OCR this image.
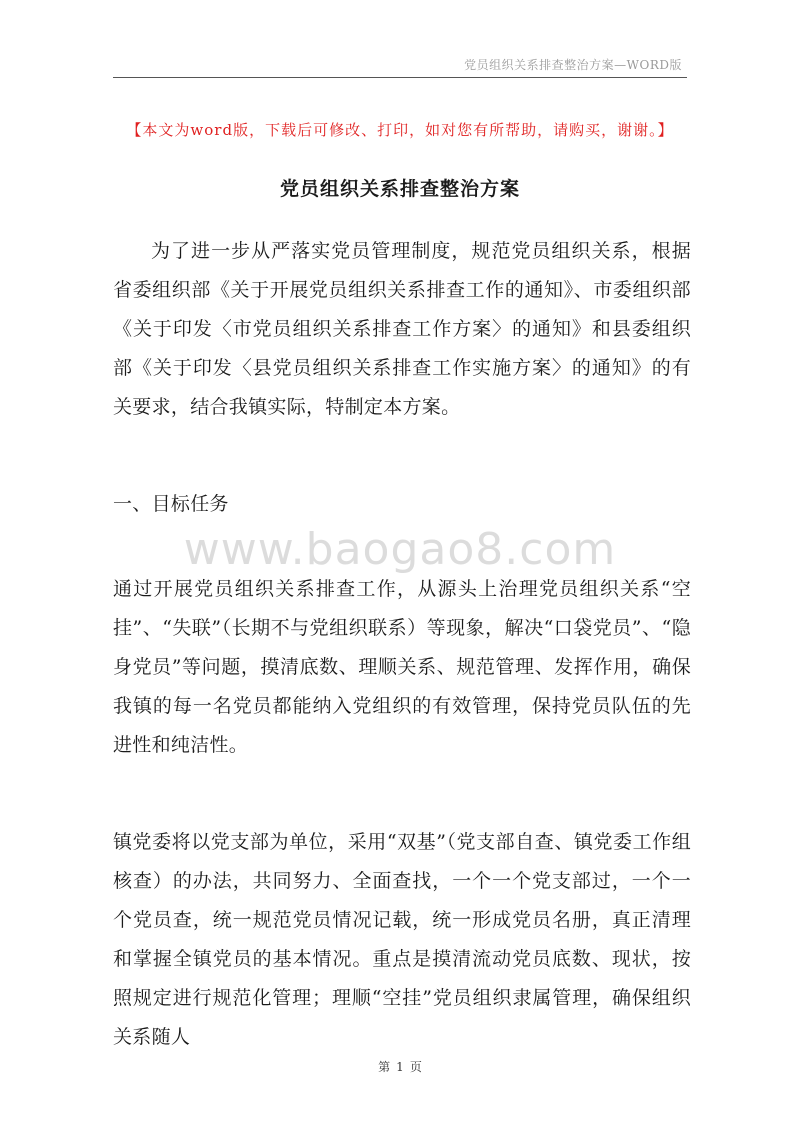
党员组织关系排查整治方案—WORD版
【本文为word版，下载后可修改、打印，如对您有所帮助，请购买，谢谢。】
党员组织关系排查整治方案

为了进一步从严落实党员管理制度，规范党员组织关系，根据省委组织部《关于开展党员组织关系排查工作的通知》、市委组织部《关于印发〈市党员组织关系排查工作方案〉的通知》和县委组织部《关于印发〈县党员组织关系排查工作实施方案〉的通知》的有关要求，结合我镇实际，特制定本方案。

一、目标任务

www.baogao8.com

通过开展党员组织关系排查工作，从源头上治理党员组织关系“空挂”、“失联”（长期不与党组织联系）等现象，解决“口袋党员”、“隐身党员”等问题，摸清底数、理顺关系、规范管理、发挥作用，确保我镇的每一名党员都能纳入党组织的有效管理，保持党员队伍的先进性和纯洁性。

镇党委将以党支部为单位，采用“双基”（党支部自查、镇党委工作组核查）的办法，共同努力、全面查找，一个一个党支部过，一个一个党员查，统一规范党员情况记载，统一形成党员名册，真正清理和掌握全镇党员的基本情况。重点是摸清流动党员底数、现状，按照规定进行规范化管理；理顺“空挂”党员组织隶属管理，确保组织关系随人

第 1 页
